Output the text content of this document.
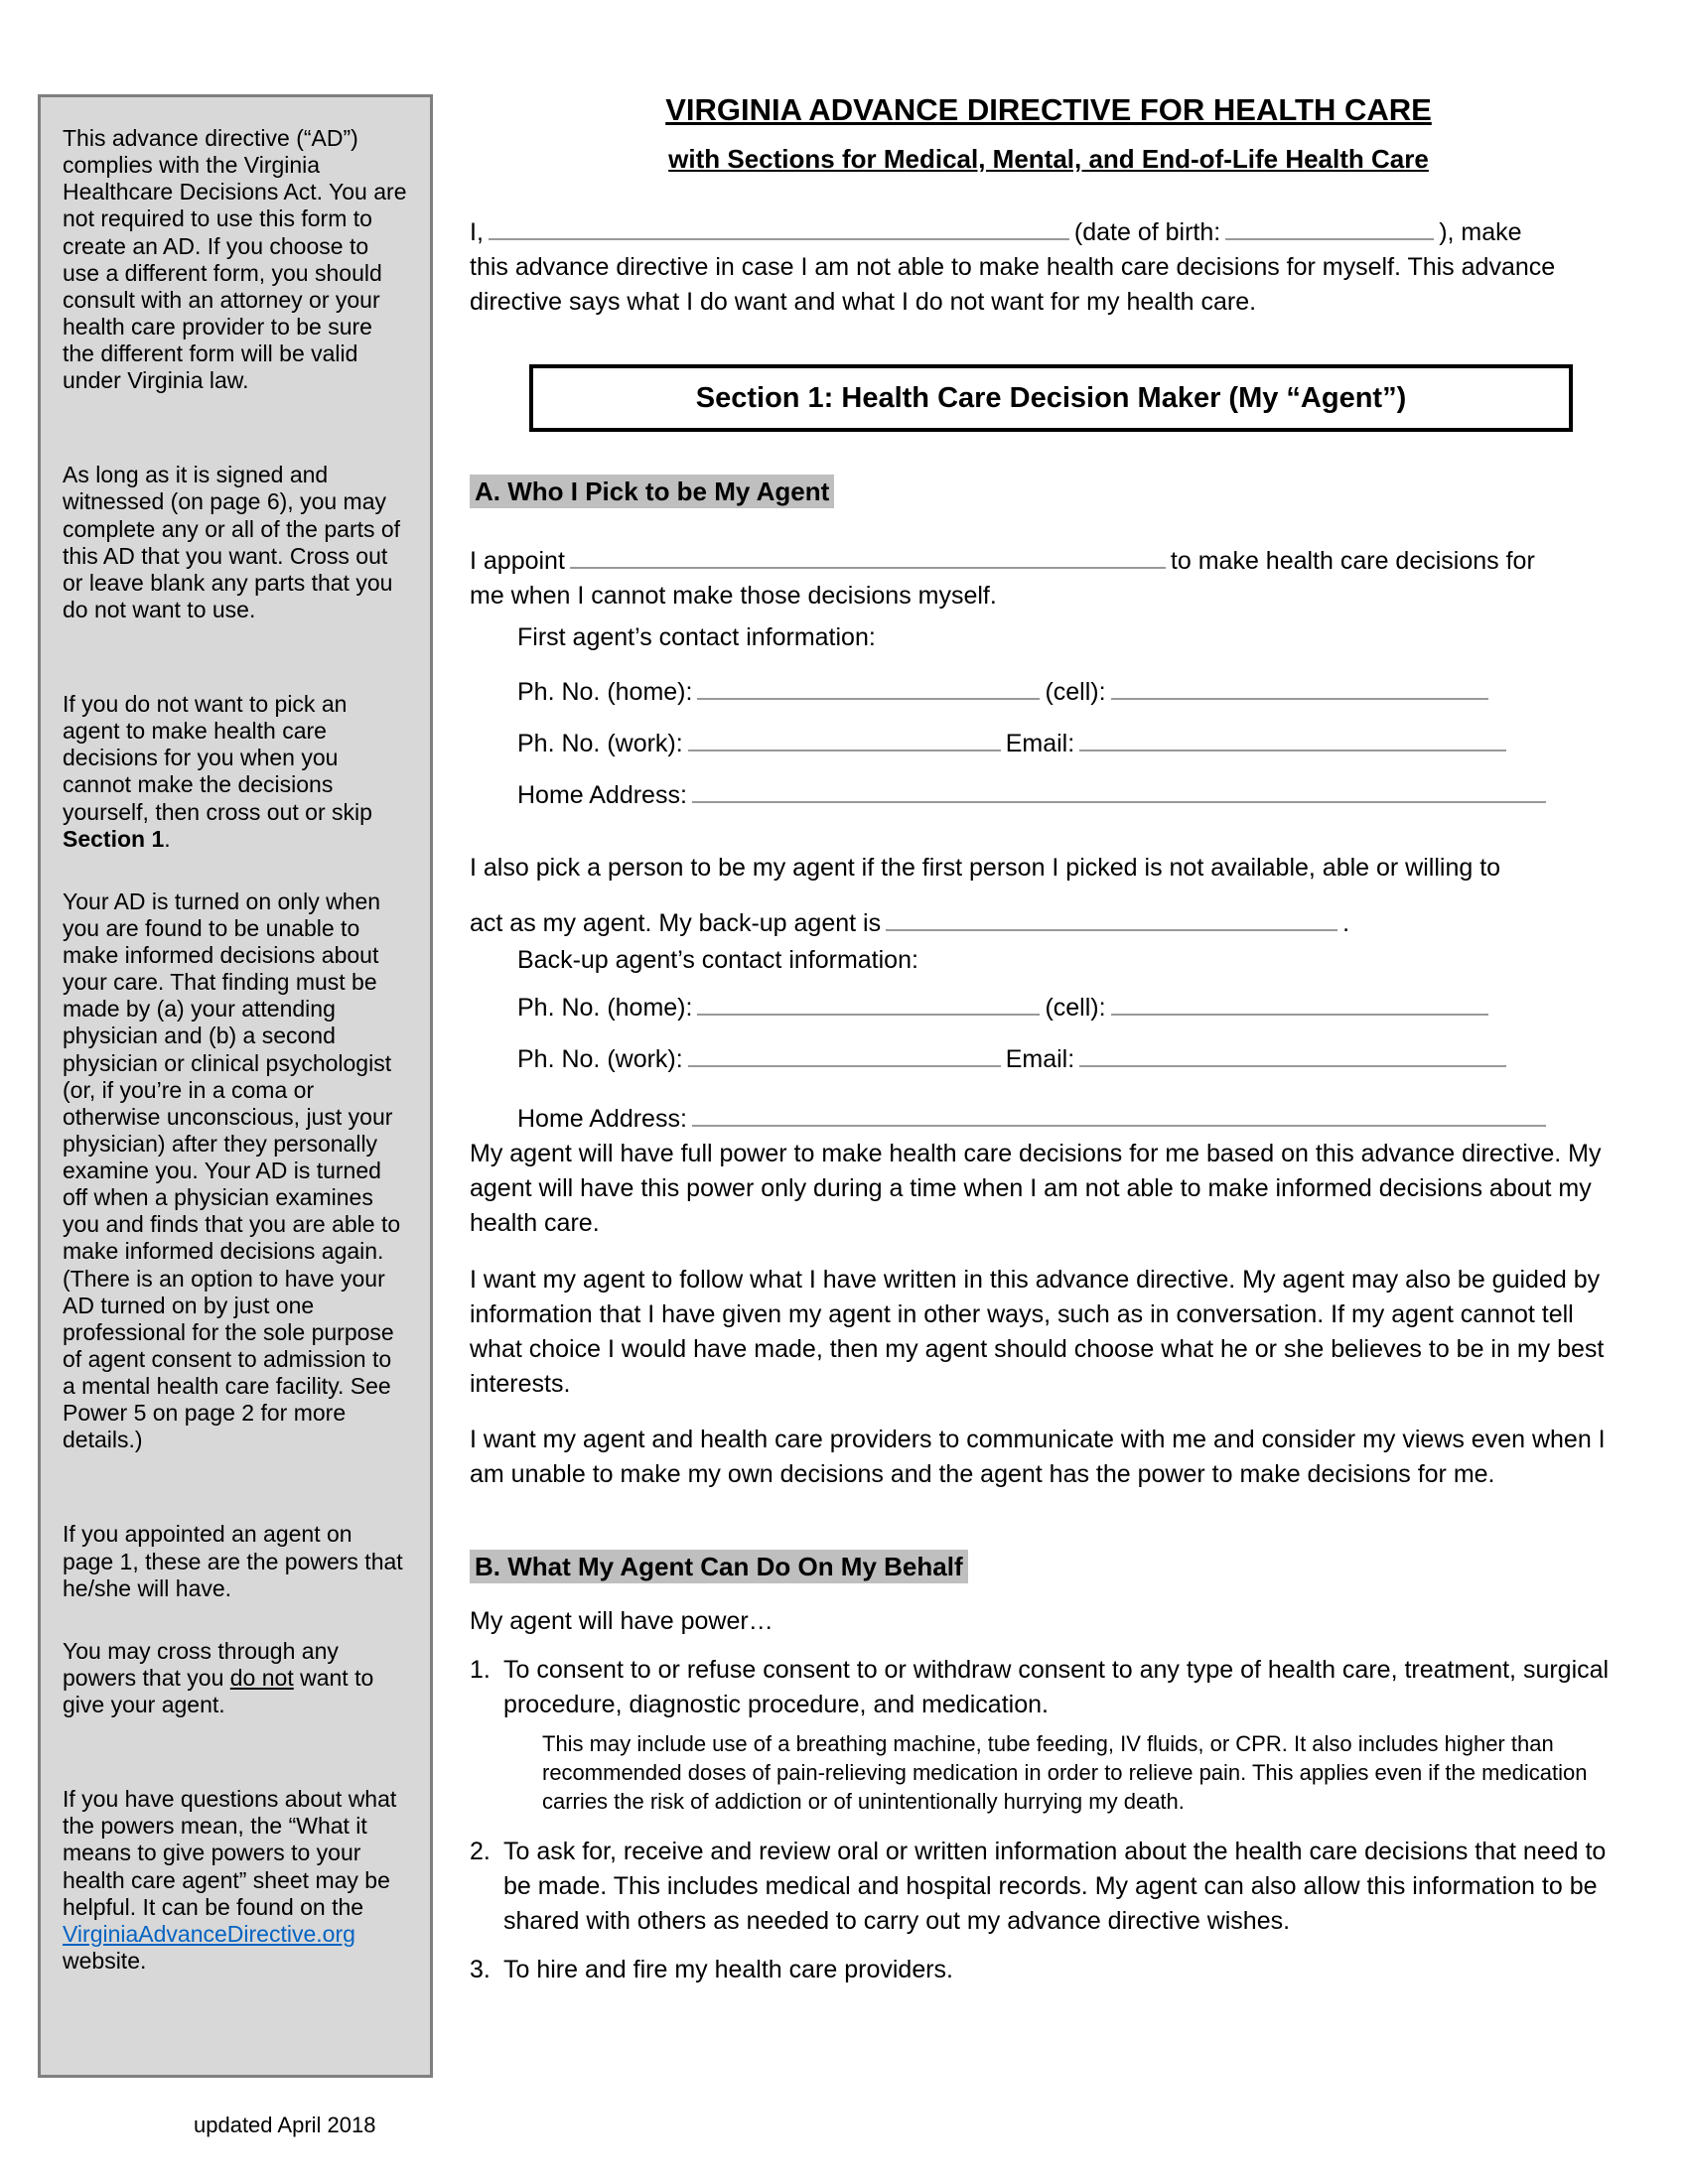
This advance directive (“AD”) complies with the Virginia Healthcare Decisions Act. You are not required to use this form to create an AD. If you choose to use a different form, you should consult with an attorney or your health care provider to be sure the different form will be valid under Virginia law.

As long as it is signed and witnessed (on page 6), you may complete any or all of the parts of this AD that you want. Cross out or leave blank any parts that you do not want to use.

If you do not want to pick an agent to make health care decisions for you when you cannot make the decisions yourself, then cross out or skip Section 1.

Your AD is turned on only when you are found to be unable to make informed decisions about your care. That finding must be made by (a) your attending physician and (b) a second physician or clinical psychologist (or, if you’re in a coma or otherwise unconscious, just your physician) after they personally examine you. Your AD is turned off when a physician examines you and finds that you are able to make informed decisions again.
(There is an option to have your AD turned on by just one professional for the sole purpose of agent consent to admission to a mental health care facility. See Power 5 on page 2 for more details.)

If you appointed an agent on page 1, these are the powers that he/she will have.

You may cross through any powers that you do not want to give your agent.

If you have questions about what the powers mean, the “What it means to give powers to your health care agent” sheet may be helpful. It can be found on the VirginiaAdvanceDirective.org website.

VIRGINIA ADVANCE DIRECTIVE FOR HEALTH CARE
with Sections for Medical, Mental, and End-of-Life Health Care
I,	(date of birth:	), make
this advance directive in case I am not able to make health care decisions for myself. This advance directive says what I do want and what I do not want for my health care.
Section 1: Health Care Decision Maker (My “Agent”)
A. Who I Pick to be My Agent
I appoint	to make health care decisions for
me when I cannot make those decisions myself.
First agent’s contact information:
Ph. No. (home):	(cell):
Ph. No. (work):	Email:
Home Address:
I also pick a person to be my agent if the first person I picked is not available, able or willing to
act as my agent. My back-up agent is	.
Back-up agent’s contact information:
Ph. No. (home):	(cell):
Ph. No. (work):	Email:
Home Address:
My agent will have full power to make health care decisions for me based on this advance directive. My agent will have this power only during a time when I am not able to make informed decisions about my health care.
I want my agent to follow what I have written in this advance directive. My agent may also be guided by information that I have given my agent in other ways, such as in conversation. If my agent cannot tell what choice I would have made, then my agent should choose what he or she believes to be in my best interests.
I want my agent and health care providers to communicate with me and consider my views even when I am unable to make my own decisions and the agent has the power to make decisions for me.
B. What My Agent Can Do On My Behalf
My agent will have power…
1. To consent to or refuse consent to or withdraw consent to any type of health care, treatment, surgical procedure, diagnostic procedure, and medication.
This may include use of a breathing machine, tube feeding, IV fluids, or CPR. It also includes higher than recommended doses of pain-relieving medication in order to relieve pain. This applies even if the medication carries the risk of addiction or of unintentionally hurrying my death.
2. To ask for, receive and review oral or written information about the health care decisions that need to be made. This includes medical and hospital records. My agent can also allow this information to be shared with others as needed to carry out my advance directive wishes.
3. To hire and fire my health care providers.
updated April 2018
